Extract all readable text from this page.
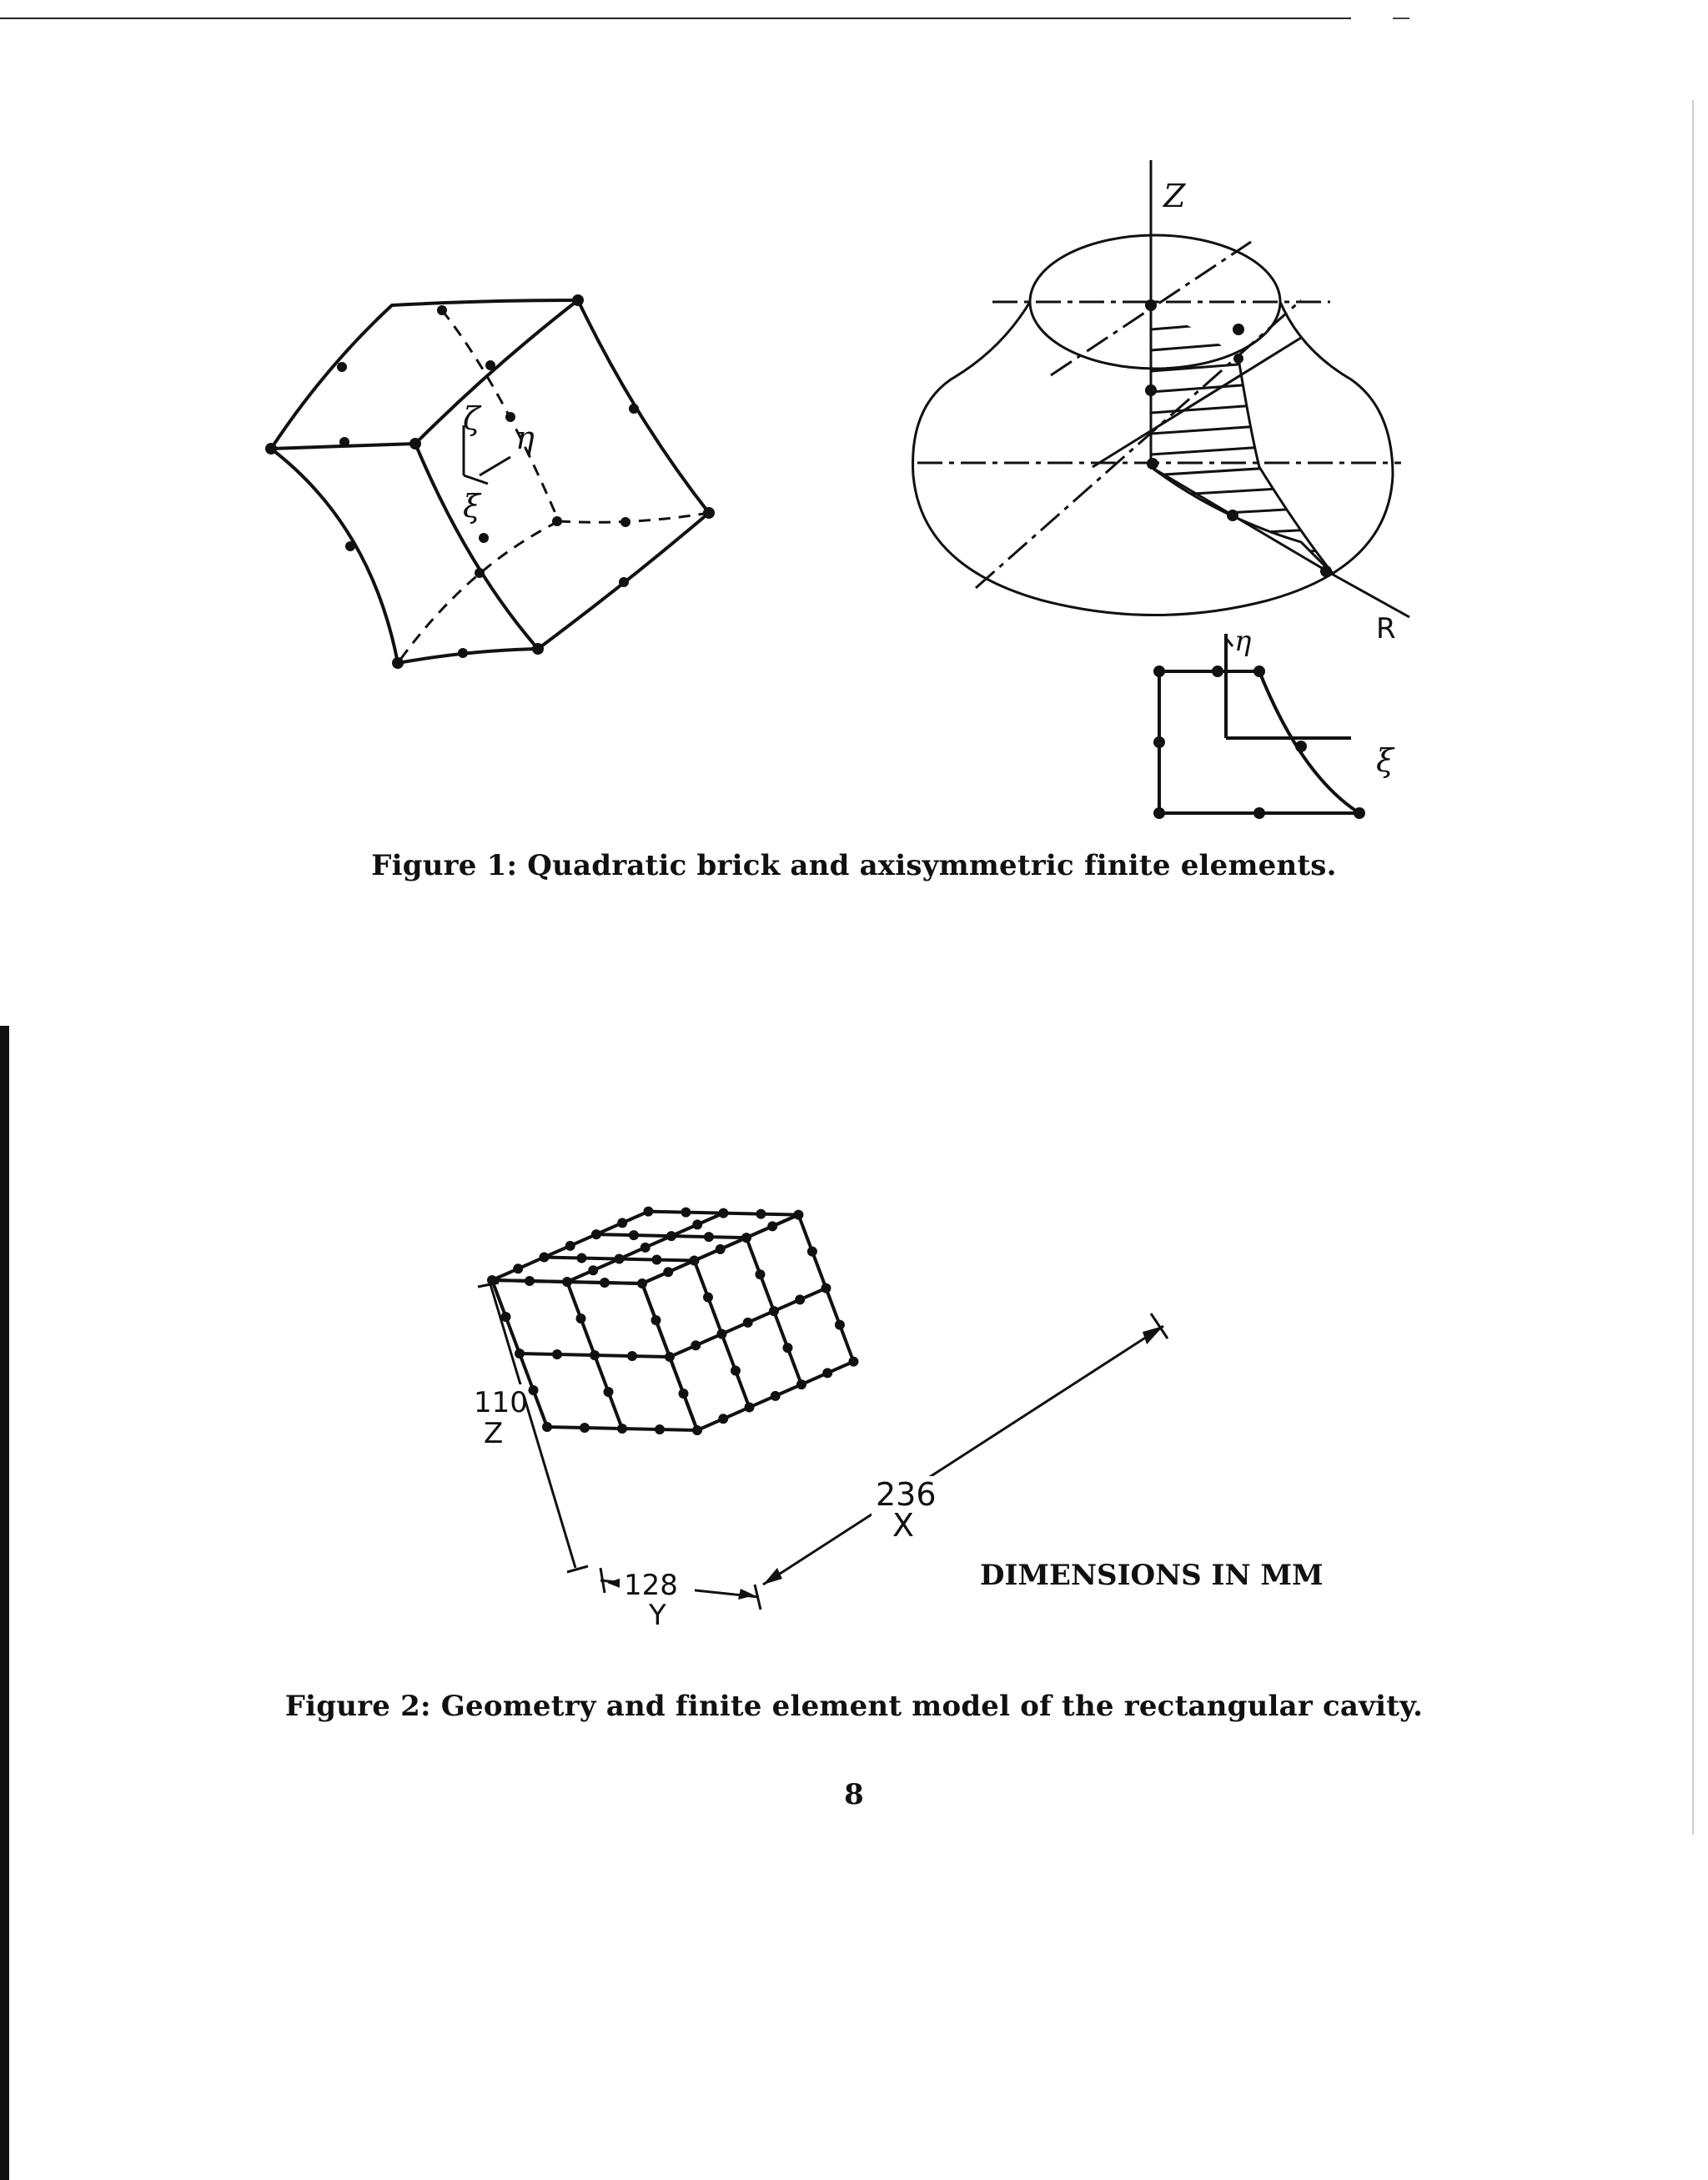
ζ
η
ξ
Z
R
η
ξ
Figure 1: Quadratic brick and axisymmetric finite elements.
110
Z
236
X
128
Y
DIMENSIONS IN MM
Figure 2: Geometry and finite element model of the rectangular cavity.
8
